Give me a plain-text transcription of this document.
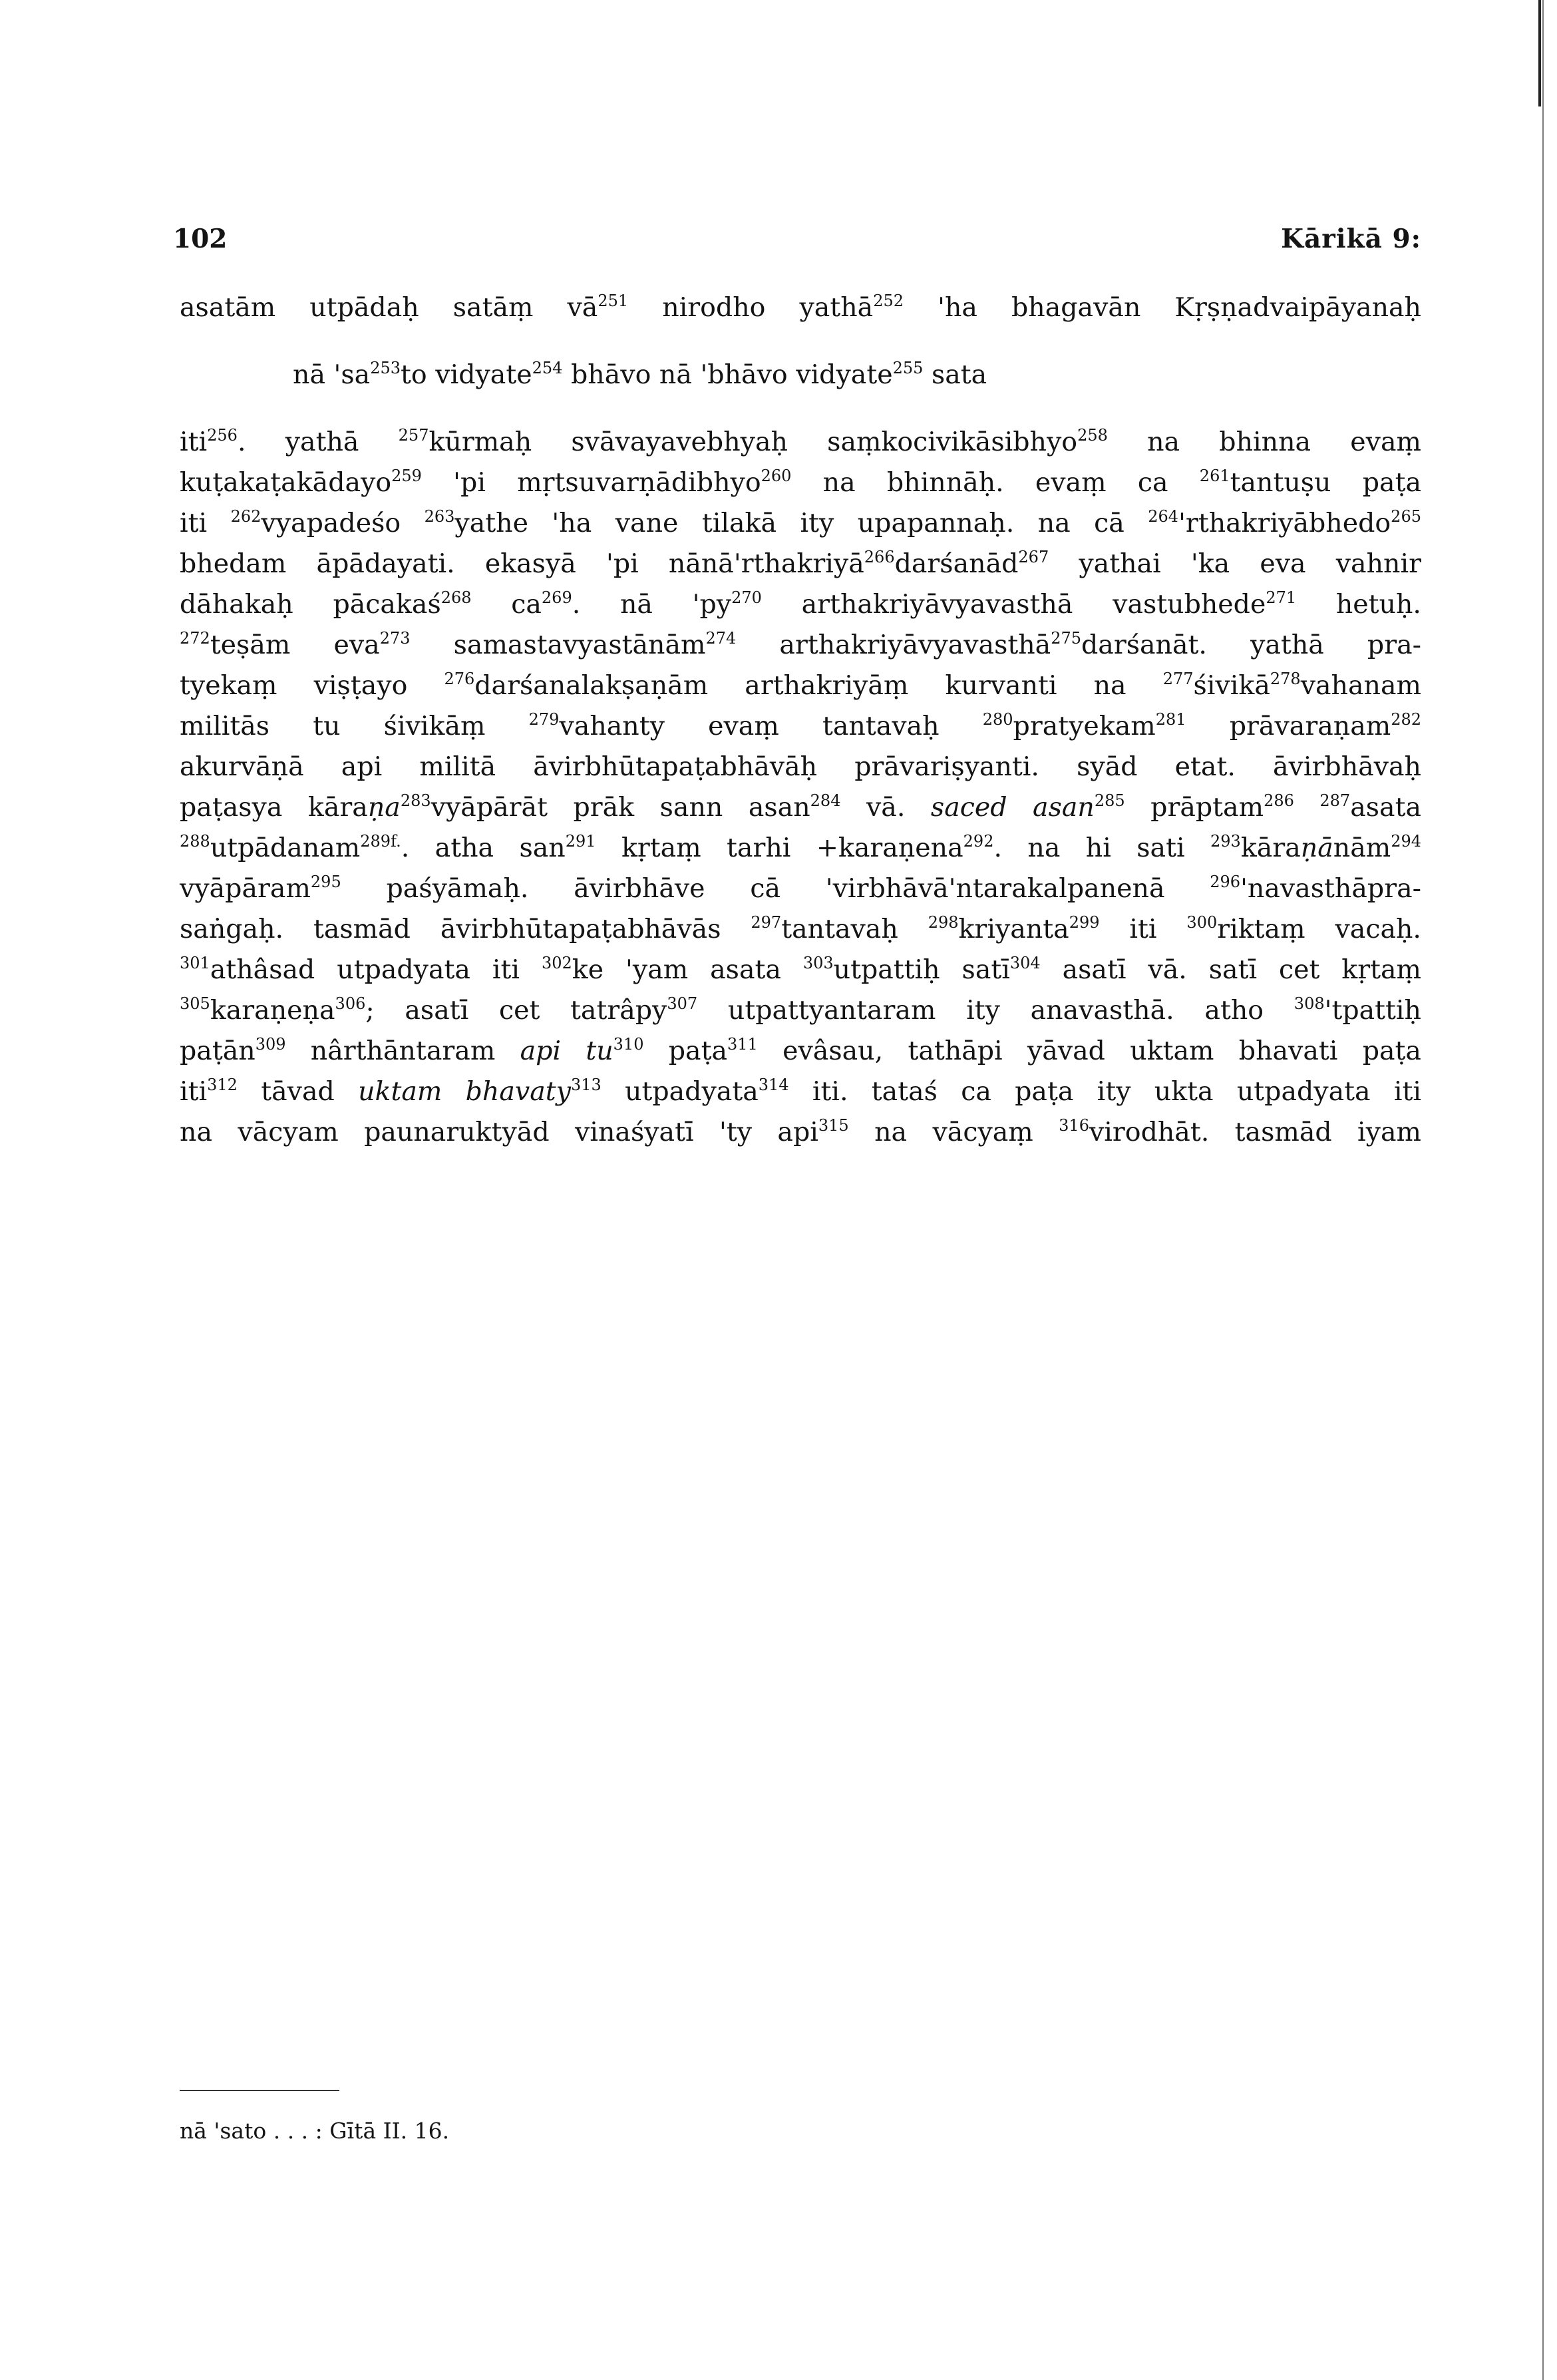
102	Kārikā 9:
asatām utpādaḥ satāṃ $vā^{251}$ nirodho yathā$^{252}$ 'ha bhagavān Kṛṣṇadvaipāyanaḥ
nā '$sa^{253}to$ vidyate$^{254}$ bhāvo nā 'bhāvo vidyate$^{255}$ sata
iti$^{256}$. yathā $^{257}$kūrmaḥ svāvayavebhyaḥ saṃkocivikāsibhyo$^{258}$ na bhinna evaṃ
kuṭakaṭakādayo$^{259}$ 'pi mṛtsuvarṇādibhyo$^{260}$ na bhinnāḥ. evaṃ ca $^{261}$tantuṣu paṭa
iti $^{262}$vyapadeśo $^{263}$yathe 'ha vane tilakā ity upapannaḥ. na cā $^{264}$'rthakriyābhedo$^{265}$
bhedam āpādayati. ekasyā 'pi nānā'rthakriyā$^{266}$darśanād$^{267}$ yathai 'ka eva vahnir
dāhakaḥ pācakaś$^{268}$ $ca^{269}$. nā '$py^{270}$ arthakriyāvyavasthā vastubhede$^{271}$ hetuḥ.
$^{272}$teṣām eva$^{273}$ samastavyastānām$^{274}$ arthakriyāvyavasthā$^{275}$darśanāt. yathā pra-
tyekaṃ viṣṭayo $^{276}$darśanalakṣaṇām arthakriyāṃ kurvanti na $^{277}$śivikā$^{278}$vahanam
militās tu śivikāṃ $^{279}$vahanty evaṃ tantavaḥ $^{280}$pratyekam$^{281}$ prāvaraṇam$^{282}$
akurvāṇā api militā āvirbhūtapaṭabhāvāḥ prāvariṣyanti. syād etat. āvirbhāvaḥ
paṭasya kāraṇa$^{283}$vyāpārāt prāk sann asan$^{284}$ vā. saced asan$^{285}$ prāptam$^{286}$ $^{287}$asata
$^{288}$utpādanam$^{289f.}$. atha san$^{291}$ kṛtaṃ tarhi +karaṇena$^{292}$. na hi sati $^{293}$kāraṇānām$^{294}$
vyāpāram$^{295}$ paśyāmaḥ. āvirbhāve cā 'virbhāvā'ntarakalpanenā $^{296}$'navasthāpra-
saṅgaḥ. tasmād āvirbhūtapaṭabhāvās $^{297}$tantavaḥ $^{298}$kriyanta$^{299}$ iti $^{300}$riktaṃ vacaḥ.
$^{301}$athâsad utpadyata iti $^{302}$ke 'yam asata $^{303}$utpattiḥ satī$^{304}$ asatī vā. satī cet kṛtaṃ
$^{305}$karaṇeṇa$^{306}$; asatī cet tatrâpy$^{307}$ utpattyantaram ity anavasthā. atho $^{308}$'tpattiḥ
paṭān$^{309}$ nârthāntaram api $tu^{310}$ paṭa$^{311}$ evâsau, tathāpi yāvad uktam bhavati paṭa
iti$^{312}$ tāvad uktam bhavaty$^{313}$ utpadyata$^{314}$ iti. tataś ca paṭa ity ukta utpadyata iti
na vācyam paunaruktyād vinaśyatī 'ty api$^{315}$ na vācyaṃ $^{316}$virodhāt. tasmād iyam
nā 'sato . . . : Gītā II. 16.
